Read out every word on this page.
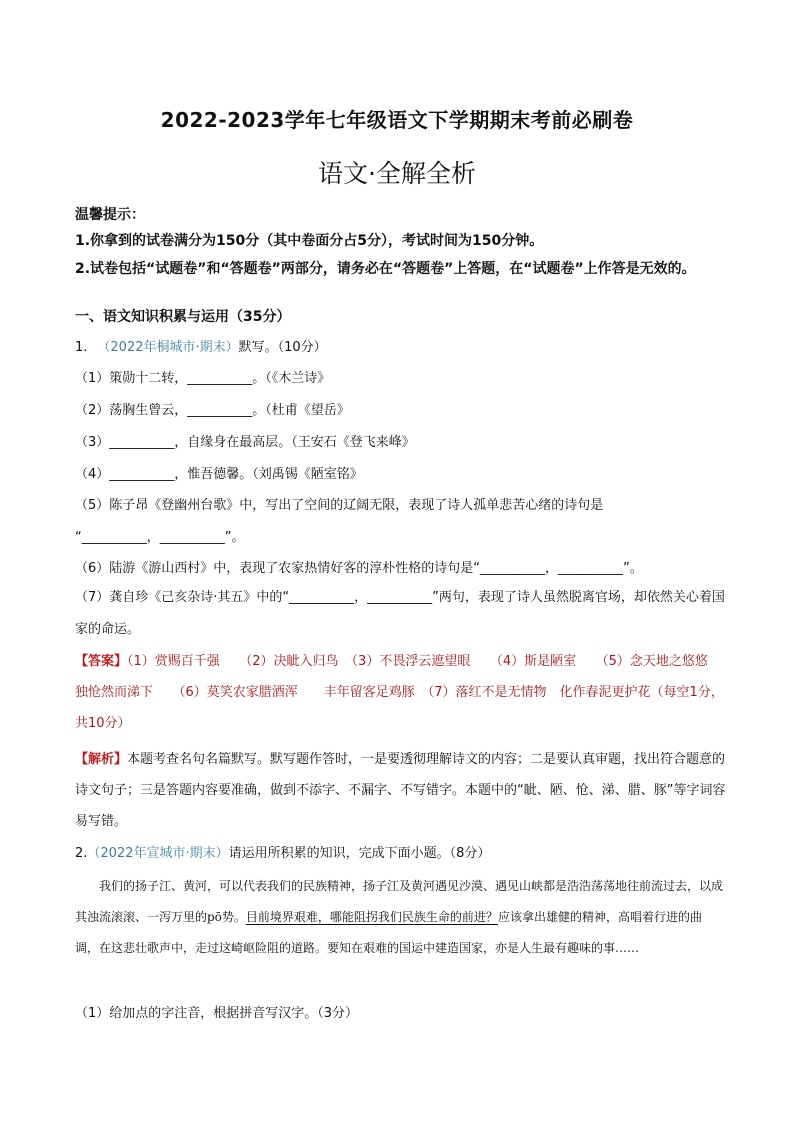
2022-2023学年七年级语文下学期期末考前必刷卷
语文·全解全析
温馨提示：
1.你拿到的试卷满分为150分（其中卷面分占5分），考试时间为150分钟。
2.试卷包括“试题卷”和“答题卷”两部分，请务必在“答题卷”上答题，在“试题卷”上作答是无效的。
一、语文知识积累与运用（35分）
1. （2022年桐城市·期末）默写。（10分）
（1）策勋十二转，__________。（《木兰诗》
（2）荡胸生曾云，__________。（杜甫《望岳》
（3）__________，自缘身在最高层。（王安石《登飞来峰》
（4）__________，惟吾德馨。（刘禹锡《陋室铭》
（5）陈子昂《登幽州台歌》中，写出了空间的辽阔无限，表现了诗人孤单悲苦心绪的诗句是
“__________，__________”。
（6）陆游《游山西村》中，表现了农家热情好客的淳朴性格的诗句是“__________，__________”。
（7）龚自珍《己亥杂诗·其五》中的“__________，__________”两句，表现了诗人虽然脱离官场，却依然关心着国家的命运。
【答案】（1）赏赐百千强　　（2）决眦入归鸟　（3）不畏浮云遮望眼　　（4）斯是陋室　　（5）念天地之悠悠　　独怆然而涕下　　（6）莫笑农家腊酒浑　　丰年留客足鸡豚　（7）落红不是无情物　化作春泥更护花（每空1分，共10分）
【解析】本题考查名句名篇默写。默写题作答时，一是要透彻理解诗文的内容；二是要认真审题，找出符合题意的诗文句子；三是答题内容要准确，做到不添字、不漏字、不写错字。本题中的“眦、陋、怆、涕、腊、豚”等字词容易写错。
2.（2022年宣城市·期末）请运用所积累的知识，完成下面小题。（8分）
我们的扬子江、黄河，可以代表我们的民族精神，扬子江及黄河遇见沙漠、遇见山峡都是浩浩荡荡地往前流过去，以成其浊流滚滚、一泻万里的pō势。目前境界艰难，哪能阻拐我们民族生命的前进？应该拿出雄健的精神，高唱着行进的曲调，在这悲壮歌声中，走过这崎岖险阻的道路。要知在艰难的国运中建造国家，亦是人生最有趣味的事……
（1）给加点的字注音，根据拼音写汉字。（3分）
